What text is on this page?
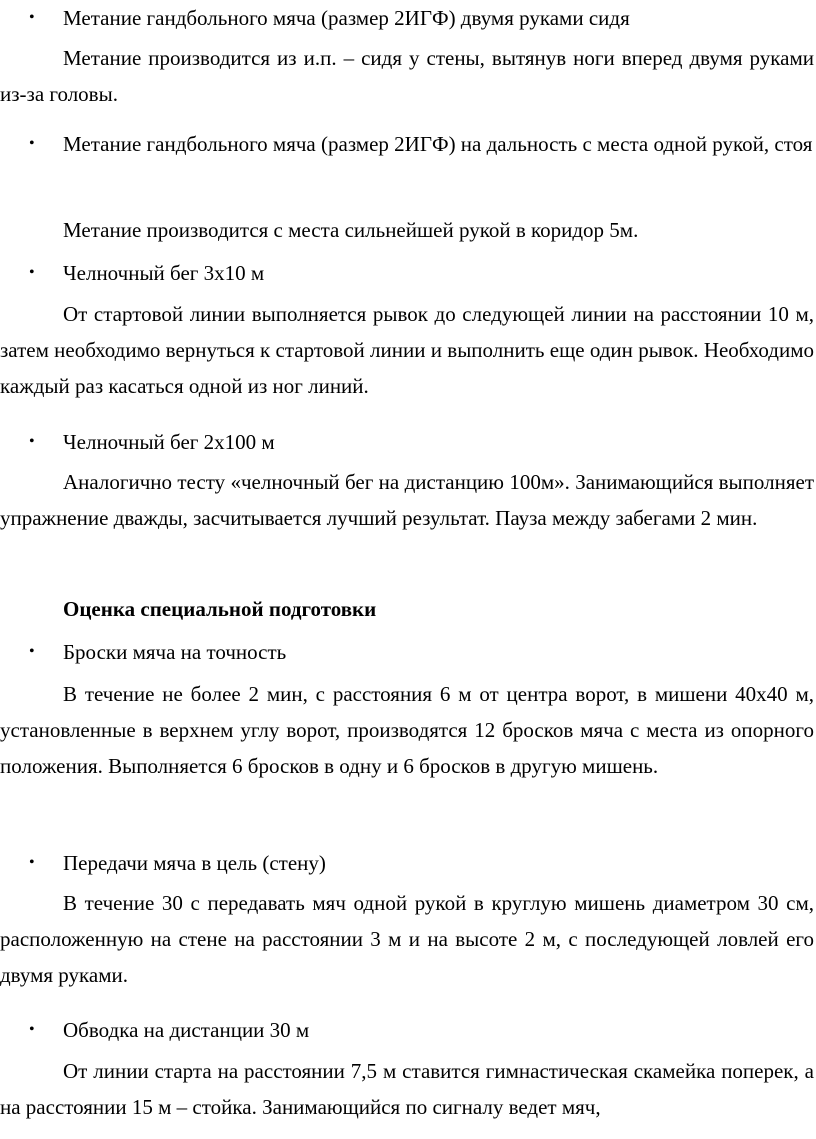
Метание гандбольного мяча (размер 2ИГФ) двумя руками сидя
Метание производится из и.п. – сидя у стены, вытянув ноги вперед двумя руками из-за головы.
Метание гандбольного мяча (размер 2ИГФ) на дальность с места одной рукой, стоя
Метание производится с места сильнейшей рукой в коридор 5м.
Челночный бег 3х10 м
От стартовой линии выполняется рывок до следующей линии на расстоянии 10 м, затем необходимо вернуться к стартовой линии и выполнить еще один рывок. Необходимо каждый раз касаться одной из ног линий.
Челночный бег 2х100 м
Аналогично тесту «челночный бег на дистанцию 100м». Занимающийся выполняет упражнение дважды, засчитывается лучший результат. Пауза между забегами 2 мин.
Оценка специальной подготовки
Броски мяча на точность
В течение не более 2 мин, с расстояния 6 м от центра ворот, в мишени 40х40 м, установленные в верхнем углу ворот, производятся 12 бросков мяча с места из опорного положения. Выполняется 6 бросков в одну и 6 бросков в другую мишень.
Передачи мяча в цель (стену)
В течение 30 с передавать мяч одной рукой в круглую мишень диаметром 30 см, расположенную на стене на расстоянии 3 м и на высоте 2 м, с последующей ловлей его двумя руками.
Обводка на дистанции 30 м
От линии старта на расстоянии 7,5 м ставится гимнастическая скамейка поперек, а на расстоянии 15 м – стойка. Занимающийся по сигналу ведет мяч,
